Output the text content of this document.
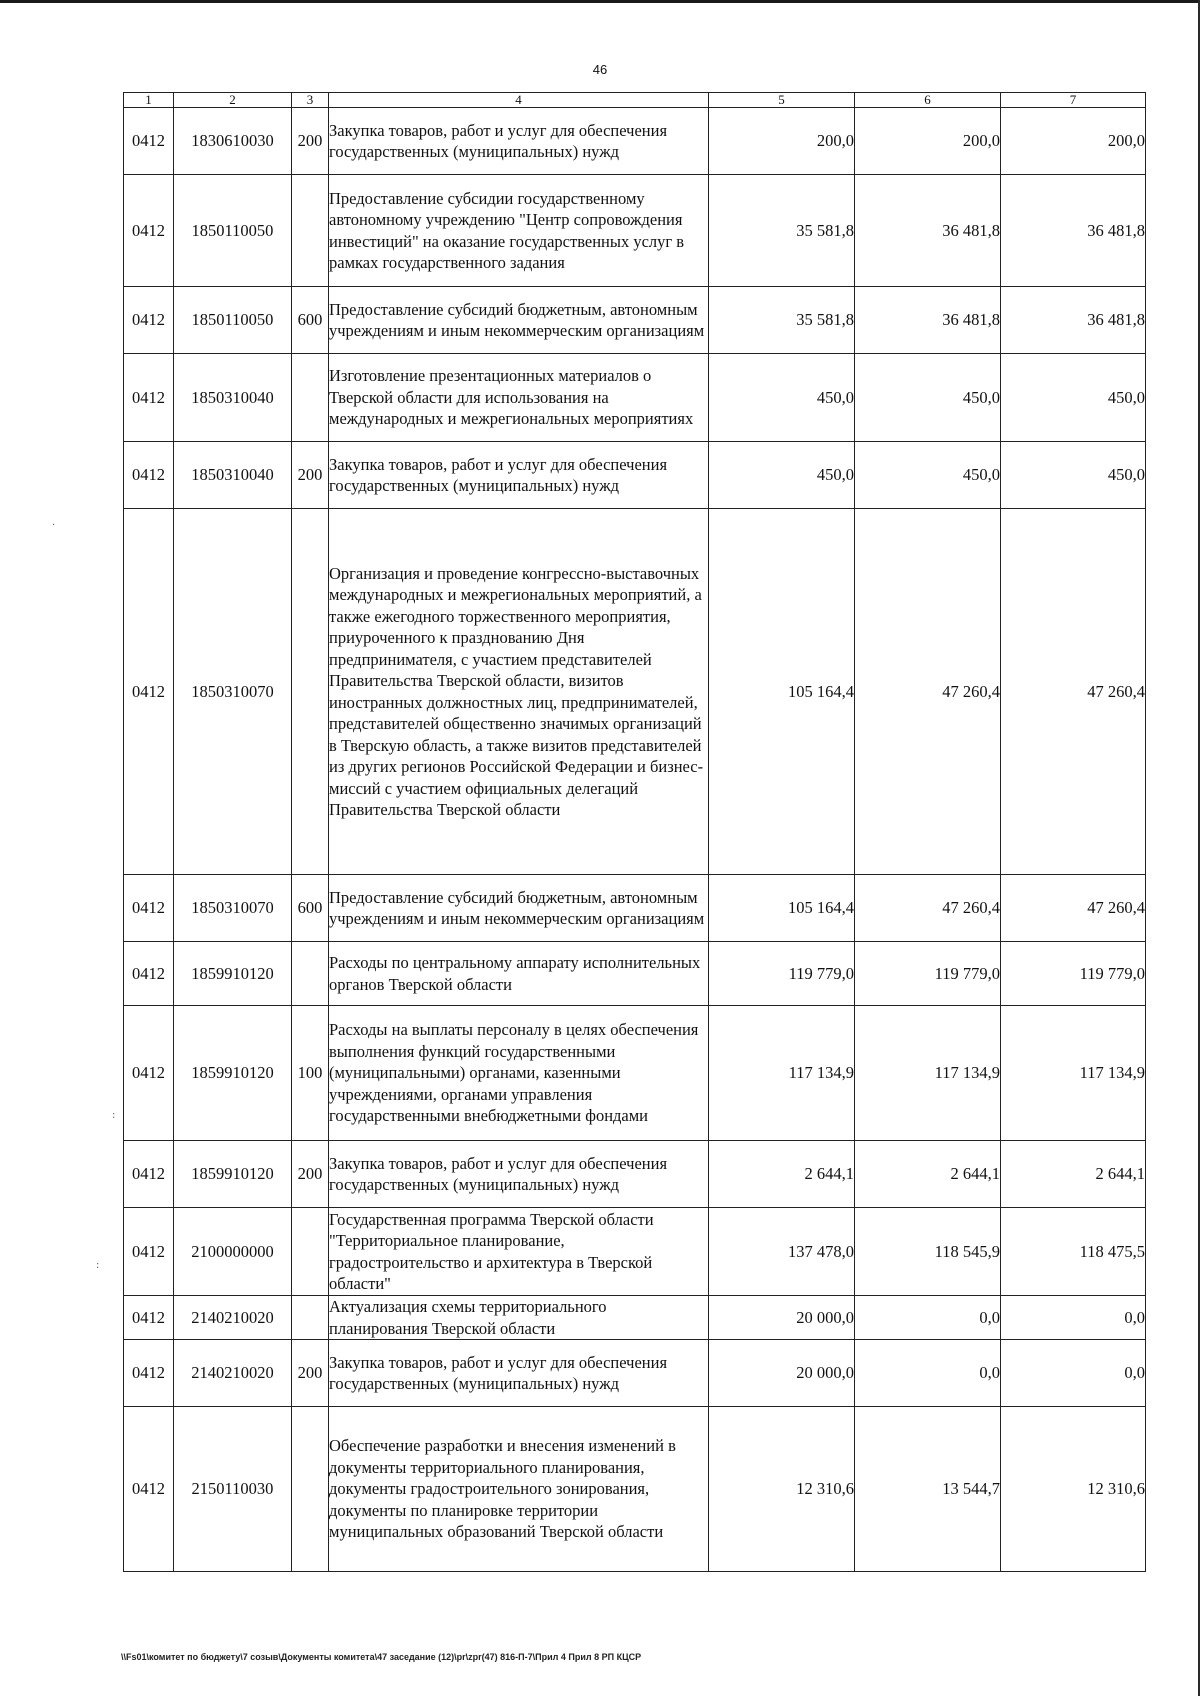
46
1	2	3	4	5	6	7
0412	1830610030	200	Закупка товаров, работ и услуг для обеспечения государственных (муниципальных) нужд	200,0	200,0	200,0
0412	1850110050		Предоставление субсидии государственному автономному учреждению "Центр сопровождения инвестиций" на оказание государственных услуг в рамках государственного задания	35 581,8	36 481,8	36 481,8
0412	1850110050	600	Предоставление субсидий бюджетным, автономным учреждениям и иным некоммерческим организациям	35 581,8	36 481,8	36 481,8
0412	1850310040		Изготовление презентационных материалов о Тверской области для использования на международных и межрегиональных мероприятиях	450,0	450,0	450,0
0412	1850310040	200	Закупка товаров, работ и услуг для обеспечения государственных (муниципальных) нужд	450,0	450,0	450,0
0412	1850310070		Организация и проведение конгрессно-выставочных международных и межрегиональных мероприятий, а также ежегодного торжественного мероприятия, приуроченного к празднованию Дня предпринимателя, с участием представителей Правительства Тверской области, визитов иностранных должностных лиц, предпринимателей, представителей общественно значимых организаций в Тверскую область, а также визитов представителей из других регионов Российской Федерации и бизнес-миссий с участием официальных делегаций Правительства Тверской области	105 164,4	47 260,4	47 260,4
0412	1850310070	600	Предоставление субсидий бюджетным, автономным учреждениям и иным некоммерческим организациям	105 164,4	47 260,4	47 260,4
0412	1859910120		Расходы по центральному аппарату исполнительных органов Тверской области	119 779,0	119 779,0	119 779,0
0412	1859910120	100	Расходы на выплаты персоналу в целях обеспечения выполнения функций государственными (муниципальными) органами, казенными учреждениями, органами управления государственными внебюджетными фондами	117 134,9	117 134,9	117 134,9
0412	1859910120	200	Закупка товаров, работ и услуг для обеспечения государственных (муниципальных) нужд	2 644,1	2 644,1	2 644,1
0412	2100000000		Государственная программа Тверской области "Территориальное планирование, градостроительство и архитектура в Тверской области"	137 478,0	118 545,9	118 475,5
0412	2140210020		Актуализация схемы территориального планирования Тверской области	20 000,0	0,0	0,0
0412	2140210020	200	Закупка товаров, работ и услуг для обеспечения государственных (муниципальных) нужд	20 000,0	0,0	0,0
0412	2150110030		Обеспечение разработки и внесения изменений в документы территориального планирования, документы градостроительного зонирования, документы по планировке территории муниципальных образований Тверской области	12 310,6	13 544,7	12 310,6
\\Fs01\комитет по бюджету\7 созыв\Документы комитета\47 заседание (12)\pr\zpr(47) 816-П-7\Прил 4 Прил 8 РП КЦСР
·
:
:
